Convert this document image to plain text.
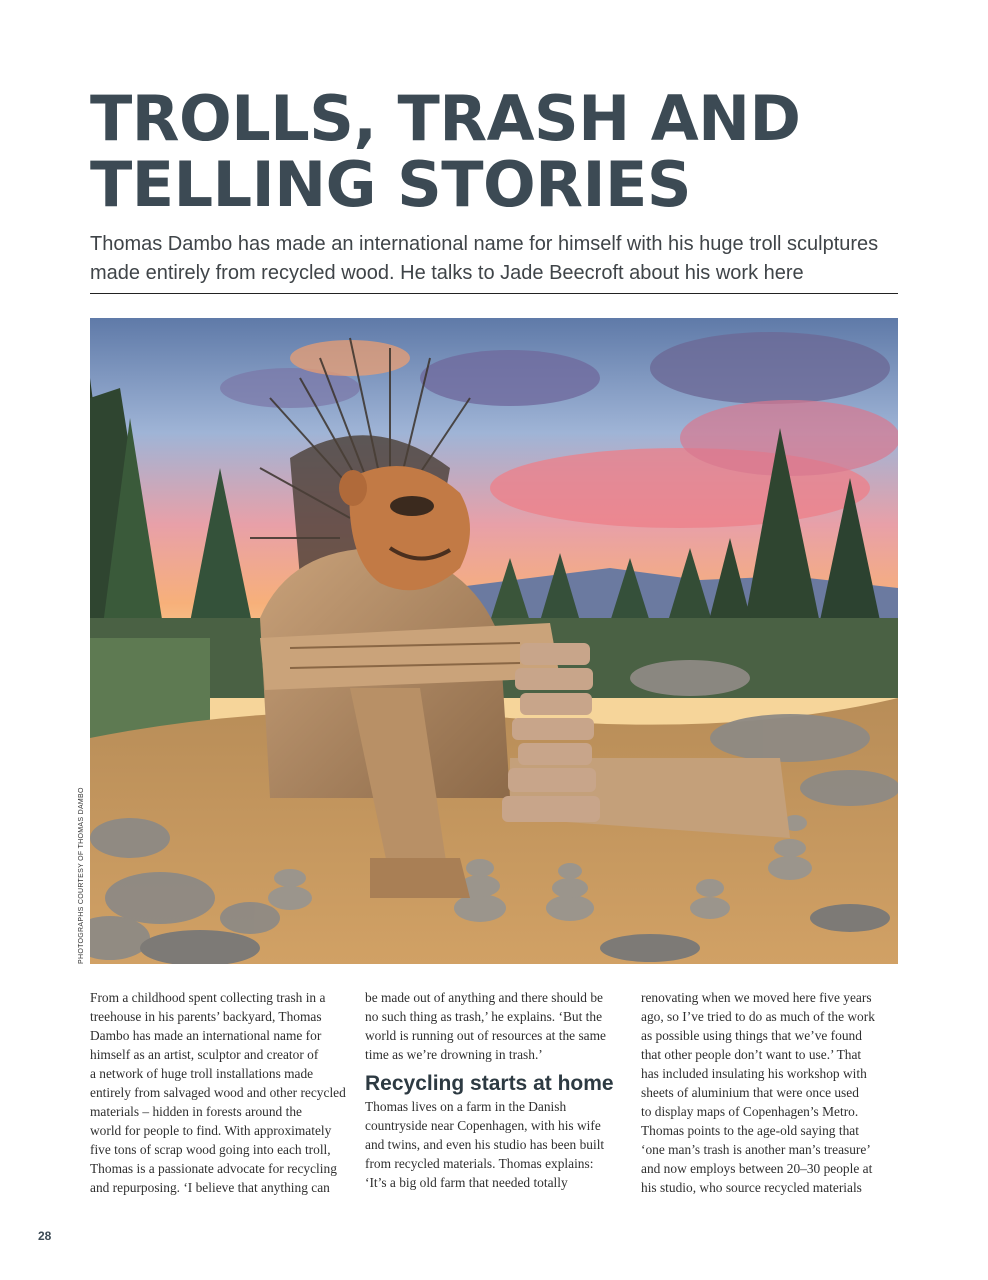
TROLLS, TRASH AND
TELLING STORIES

Thomas Dambo has made an international name for himself with his huge troll sculptures made entirely from recycled wood. He talks to Jade Beecroft about his work here

PHOTOGRAPHS COURTESY OF THOMAS DAMBO

From a childhood spent collecting trash in a
treehouse in his parents’ backyard, Thomas
Dambo has made an international name for
himself as an artist, sculptor and creator of
a network of huge troll installations made
entirely from salvaged wood and other recycled
materials – hidden in forests around the
world for people to find. With approximately
five tons of scrap wood going into each troll,
Thomas is a passionate advocate for recycling
and repurposing. ‘I believe that anything can

be made out of anything and there should be
no such thing as trash,’ he explains. ‘But the
world is running out of resources at the same
time as we’re drowning in trash.’

Recycling starts at home

Thomas lives on a farm in the Danish
countryside near Copenhagen, with his wife
and twins, and even his studio has been built
from recycled materials. Thomas explains:
‘It’s a big old farm that needed totally

renovating when we moved here five years
ago, so I’ve tried to do as much of the work
as possible using things that we’ve found
that other people don’t want to use.’ That
has included insulating his workshop with
sheets of aluminium that were once used
to display maps of Copenhagen’s Metro.
Thomas points to the age-old saying that
‘one man’s trash is another man’s treasure’
and now employs between 20–30 people at
his studio, who source recycled materials

28
